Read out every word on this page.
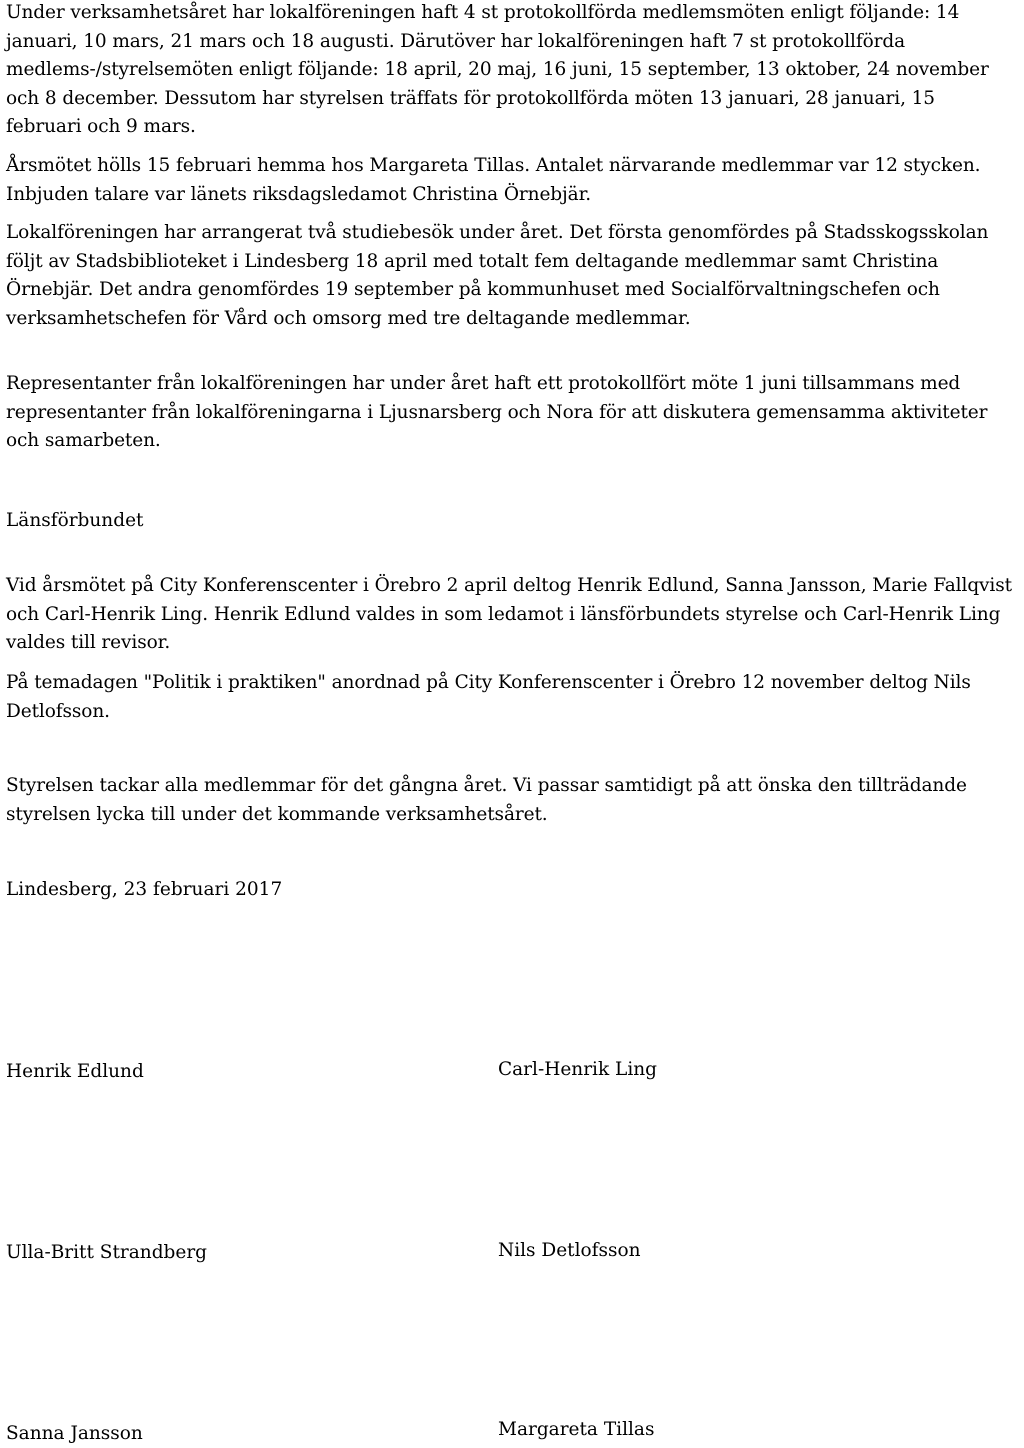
Under verksamhetsåret har lokalföreningen haft 4 st protokollförda medlemsmöten enligt följande: 14 januari, 10 mars, 21 mars och 18 augusti. Därutöver har lokalföreningen haft 7 st protokollförda medlems-/styrelsemöten enligt följande: 18 april, 20 maj, 16 juni, 15 september, 13 oktober, 24 november och 8 december. Dessutom har styrelsen träffats för protokollförda möten 13 januari, 28 januari, 15 februari och 9 mars.

Årsmötet hölls 15 februari hemma hos Margareta Tillas. Antalet närvarande medlemmar var 12 stycken. Inbjuden talare var länets riksdagsledamot Christina Örnebjär.

Lokalföreningen har arrangerat två studiebesök under året. Det första genomfördes på Stadsskogsskolan följt av Stadsbiblioteket i Lindesberg 18 april med totalt fem deltagande medlemmar samt Christina Örnebjär. Det andra genomfördes 19 september på kommunhuset med Socialförvaltningschefen och verksamhetschefen för Vård och omsorg med tre deltagande medlemmar.

Representanter från lokalföreningen har under året haft ett protokollfört möte 1 juni tillsammans med representanter från lokalföreningarna i Ljusnarsberg och Nora för att diskutera gemensamma aktiviteter och samarbeten.

Länsförbundet

Vid årsmötet på City Konferenscenter i Örebro 2 april deltog Henrik Edlund, Sanna Jansson, Marie Fallqvist och Carl-Henrik Ling. Henrik Edlund valdes in som ledamot i länsförbundets styrelse och Carl-Henrik Ling valdes till revisor.

På temadagen "Politik i praktiken" anordnad på City Konferenscenter i Örebro 12 november deltog Nils Detlofsson.

Styrelsen tackar alla medlemmar för det gångna året. Vi passar samtidigt på att önska den tillträdande styrelsen lycka till under det kommande verksamhetsåret.

Lindesberg, 23 februari 2017

Henrik Edlund	Carl-Henrik Ling

Ulla-Britt Strandberg	Nils Detlofsson

Sanna Jansson	Margareta Tillas
